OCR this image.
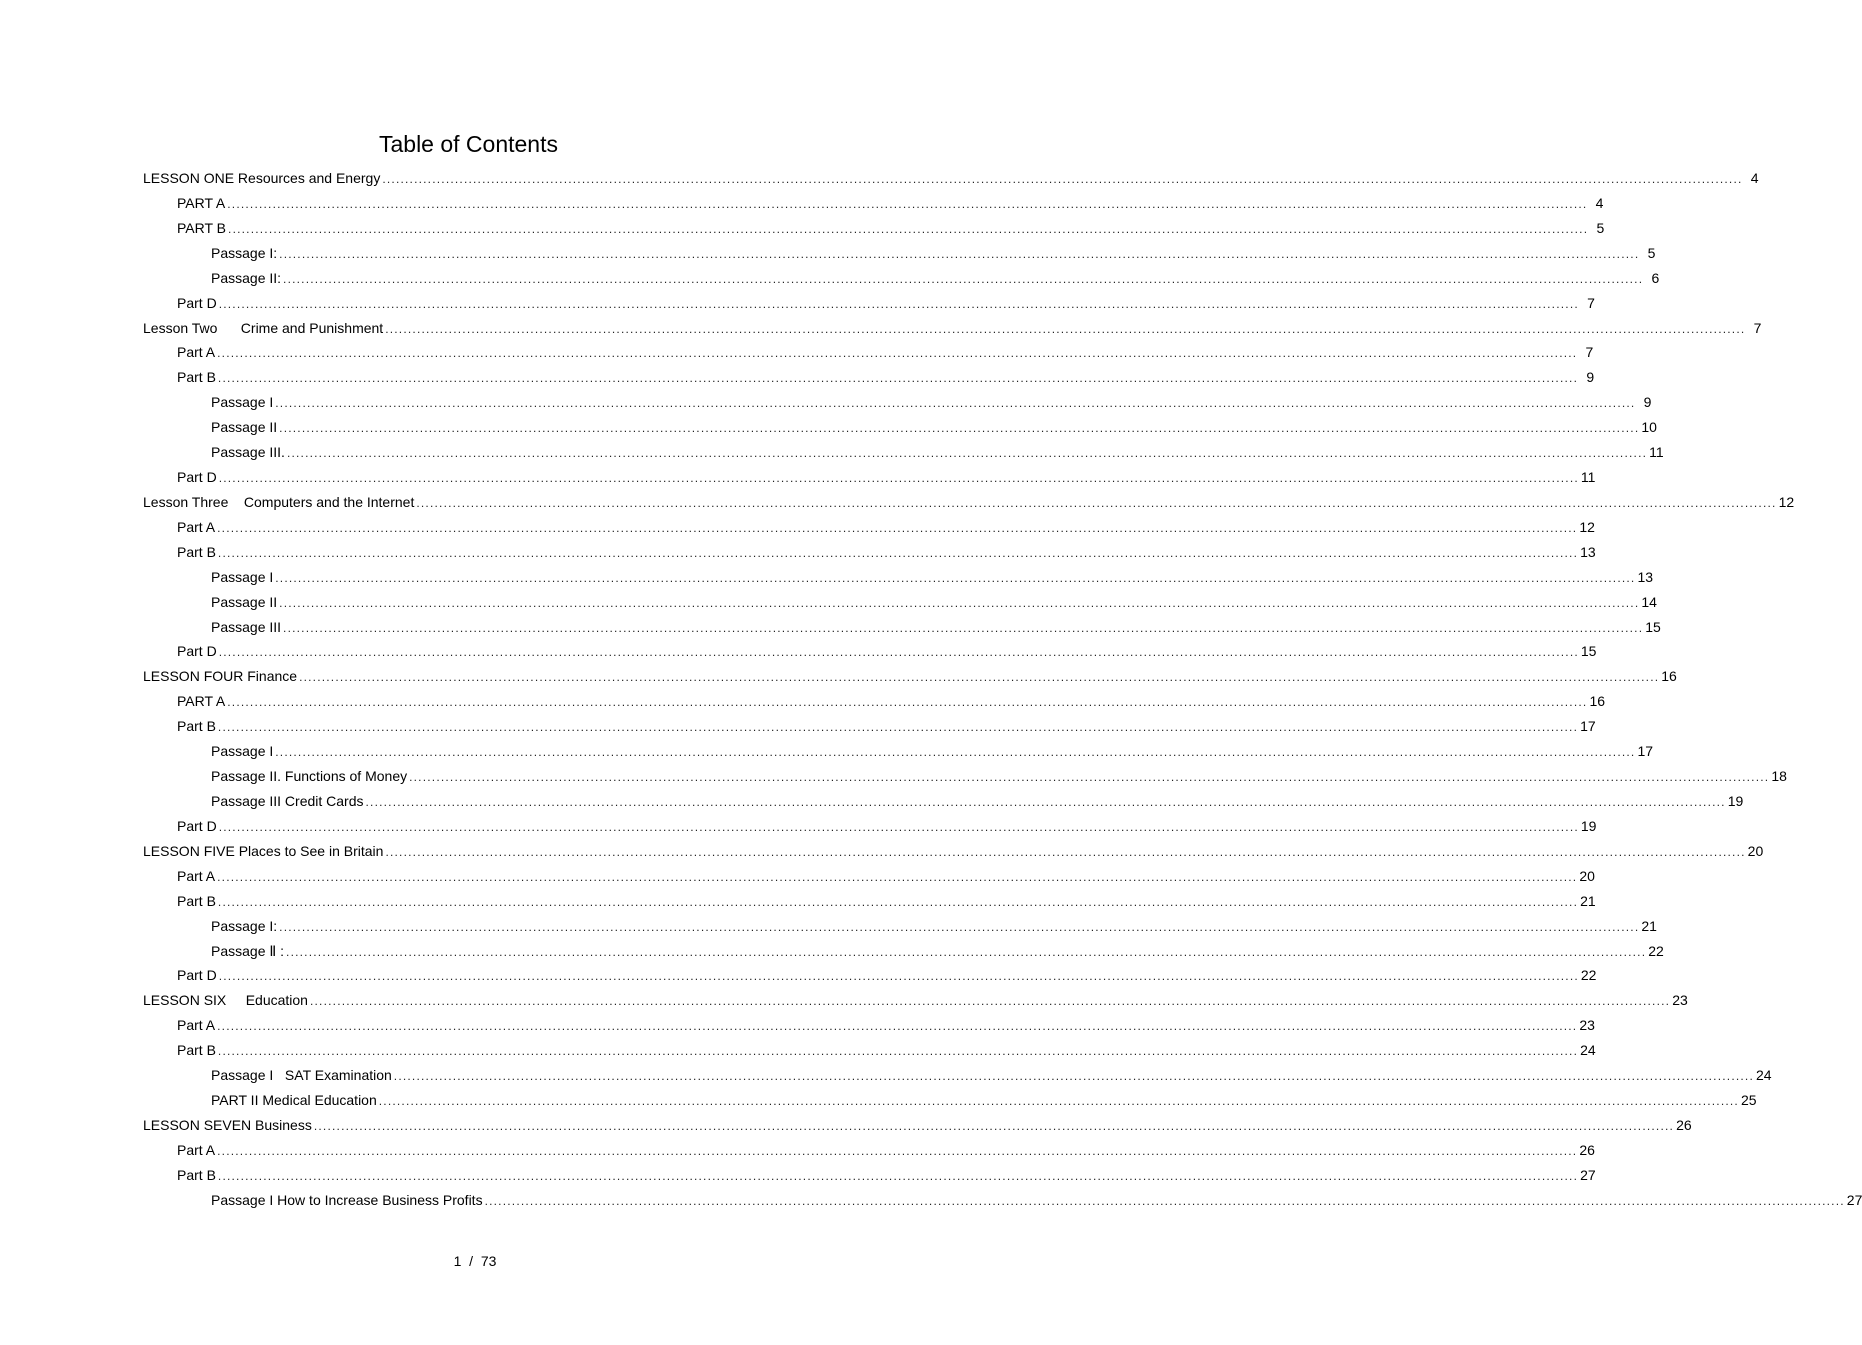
Table of Contents
LESSON ONE Resources and Energy ............................................................................................................................................................................................................................................................................................................ 4
PART A ............................................................................................................................................................................................................................................................................................................ 4
PART B ............................................................................................................................................................................................................................................................................................................ 5
Passage I: ............................................................................................................................................................................................................................................................................................................ 5
Passage II: ............................................................................................................................................................................................................................................................................................................ 6
Part D ............................................................................................................................................................................................................................................................................................................ 7
Lesson Two      Crime and Punishment ............................................................................................................................................................................................................................................................................................................ 7
Part A ............................................................................................................................................................................................................................................................................................................ 7
Part B ............................................................................................................................................................................................................................................................................................................ 9
Passage I ............................................................................................................................................................................................................................................................................................................ 9
Passage II ............................................................................................................................................................................................................................................................................................................ 10
Passage III. ............................................................................................................................................................................................................................................................................................................ 11
Part D ............................................................................................................................................................................................................................................................................................................ 11
Lesson Three    Computers and the Internet ............................................................................................................................................................................................................................................................................................................ 12
Part A ............................................................................................................................................................................................................................................................................................................ 12
Part B ............................................................................................................................................................................................................................................................................................................ 13
Passage I ............................................................................................................................................................................................................................................................................................................ 13
Passage II ............................................................................................................................................................................................................................................................................................................ 14
Passage III ............................................................................................................................................................................................................................................................................................................ 15
Part D ............................................................................................................................................................................................................................................................................................................ 15
LESSON FOUR Finance ............................................................................................................................................................................................................................................................................................................ 16
PART A ............................................................................................................................................................................................................................................................................................................ 16
Part B ............................................................................................................................................................................................................................................................................................................ 17
Passage I ............................................................................................................................................................................................................................................................................................................ 17
Passage II. Functions of Money ............................................................................................................................................................................................................................................................................................................ 18
Passage III Credit Cards ............................................................................................................................................................................................................................................................................................................ 19
Part D ............................................................................................................................................................................................................................................................................................................ 19
LESSON FIVE Places to See in Britain ............................................................................................................................................................................................................................................................................................................ 20
Part A ............................................................................................................................................................................................................................................................................................................ 20
Part B ............................................................................................................................................................................................................................................................................................................ 21
Passage I: ............................................................................................................................................................................................................................................................................................................ 21
Passage Ⅱ : ............................................................................................................................................................................................................................................................................................................ 22
Part D ............................................................................................................................................................................................................................................................................................................ 22
LESSON SIX     Education ............................................................................................................................................................................................................................................................................................................ 23
Part A ............................................................................................................................................................................................................................................................................................................ 23
Part B ............................................................................................................................................................................................................................................................................................................ 24
Passage I   SAT Examination ............................................................................................................................................................................................................................................................................................................ 24
PART II Medical Education ............................................................................................................................................................................................................................................................................................................ 25
LESSON SEVEN Business ............................................................................................................................................................................................................................................................................................................ 26
Part A ............................................................................................................................................................................................................................................................................................................ 26
Part B ............................................................................................................................................................................................................................................................................................................ 27
Passage I How to Increase Business Profits ............................................................................................................................................................................................................................................................................................................ 27
1  /  73
